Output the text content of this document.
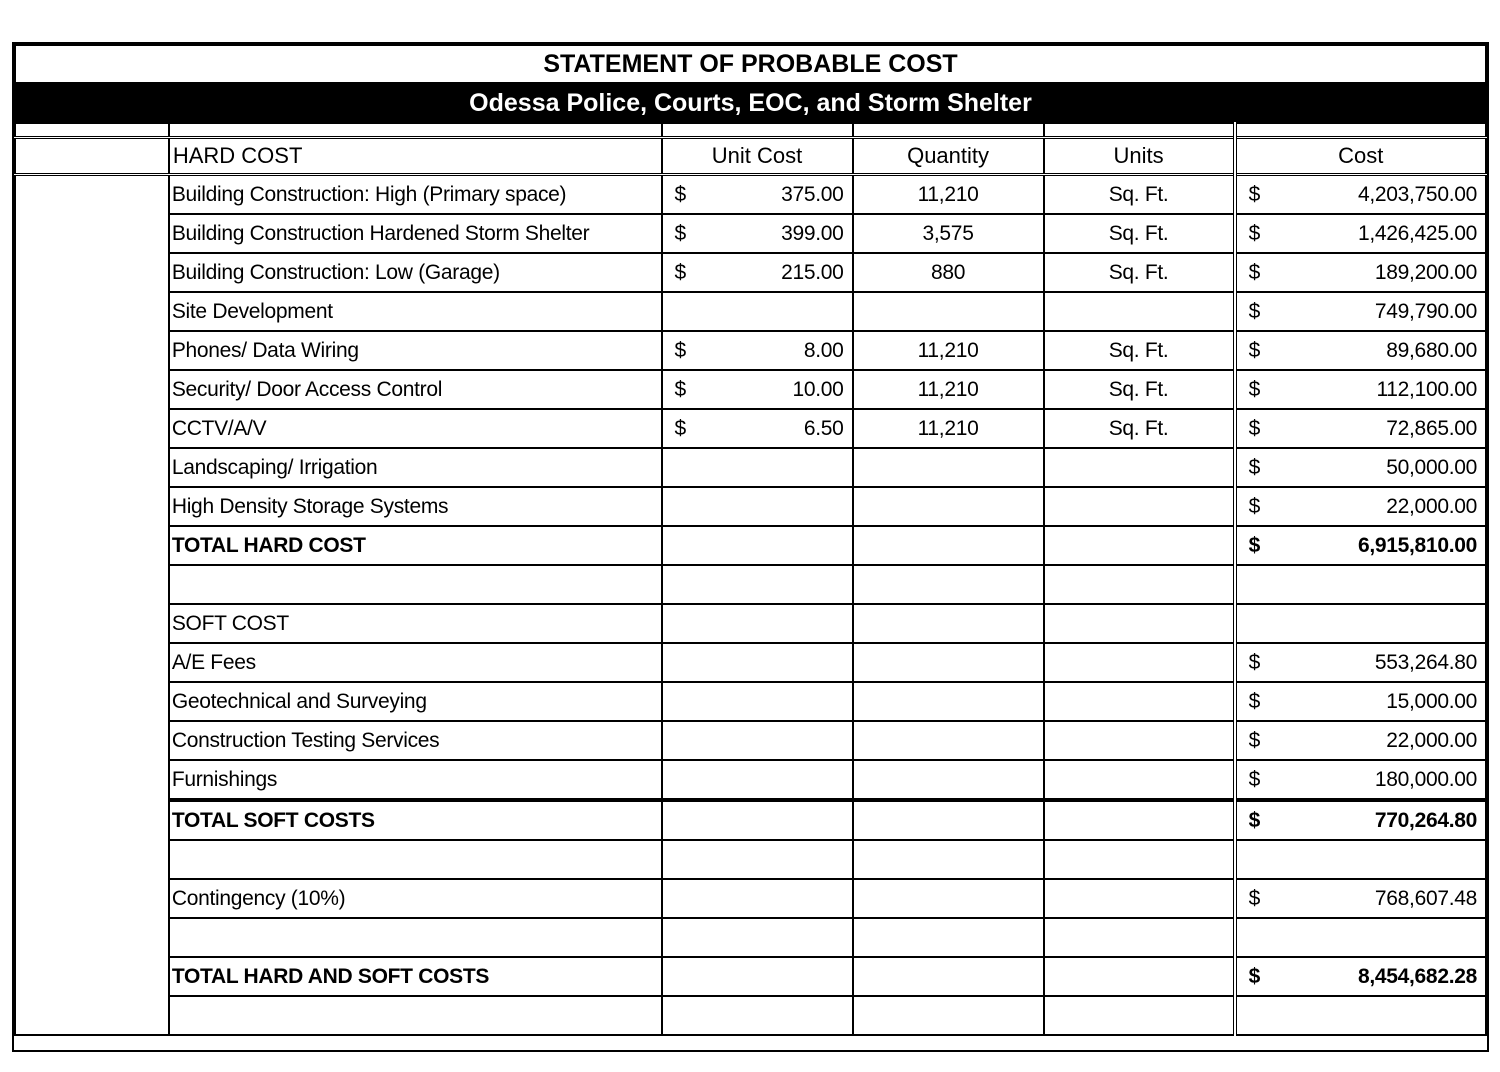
STATEMENT OF PROBABLE COST					
Odessa Police, Courts, EOC, and Storm Shelter					

	HARD COST	Unit Cost	Quantity	Units	Cost
	Building Construction: High (Primary space)	$ 375.00	11,210	Sq. Ft.	$ 4,203,750.00

	Building Construction Hardened Storm Shelter	$ 399.00	3,575	Sq. Ft.	$ 1,426,425.00

	Building Construction: Low (Garage)	$ 215.00	880	Sq. Ft.	$ 189,200.00

	Site Development				$ 749,790.00

	Phones/ Data Wiring	$ 8.00	11,210	Sq. Ft.	$ 89,680.00

	Security/ Door Access Control	$ 10.00	11,210	Sq. Ft.	$ 112,100.00

	CCTV/A/V	$ 6.50	11,210	Sq. Ft.	$ 72,865.00

	Landscaping/ Irrigation				$ 50,000.00

	High Density Storage Systems				$ 22,000.00

	TOTAL HARD COST				$ 6,915,810.00

	SOFT COST				
	A/E Fees				$ 553,264.80

	Geotechnical and Surveying				$ 15,000.00

	Construction Testing Services				$ 22,000.00

	Furnishings				$ 180,000.00

	TOTAL SOFT COSTS				$ 770,264.80

	Contingency (10%)				$ 768,607.48

	TOTAL HARD AND SOFT COSTS				$ 8,454,682.28
